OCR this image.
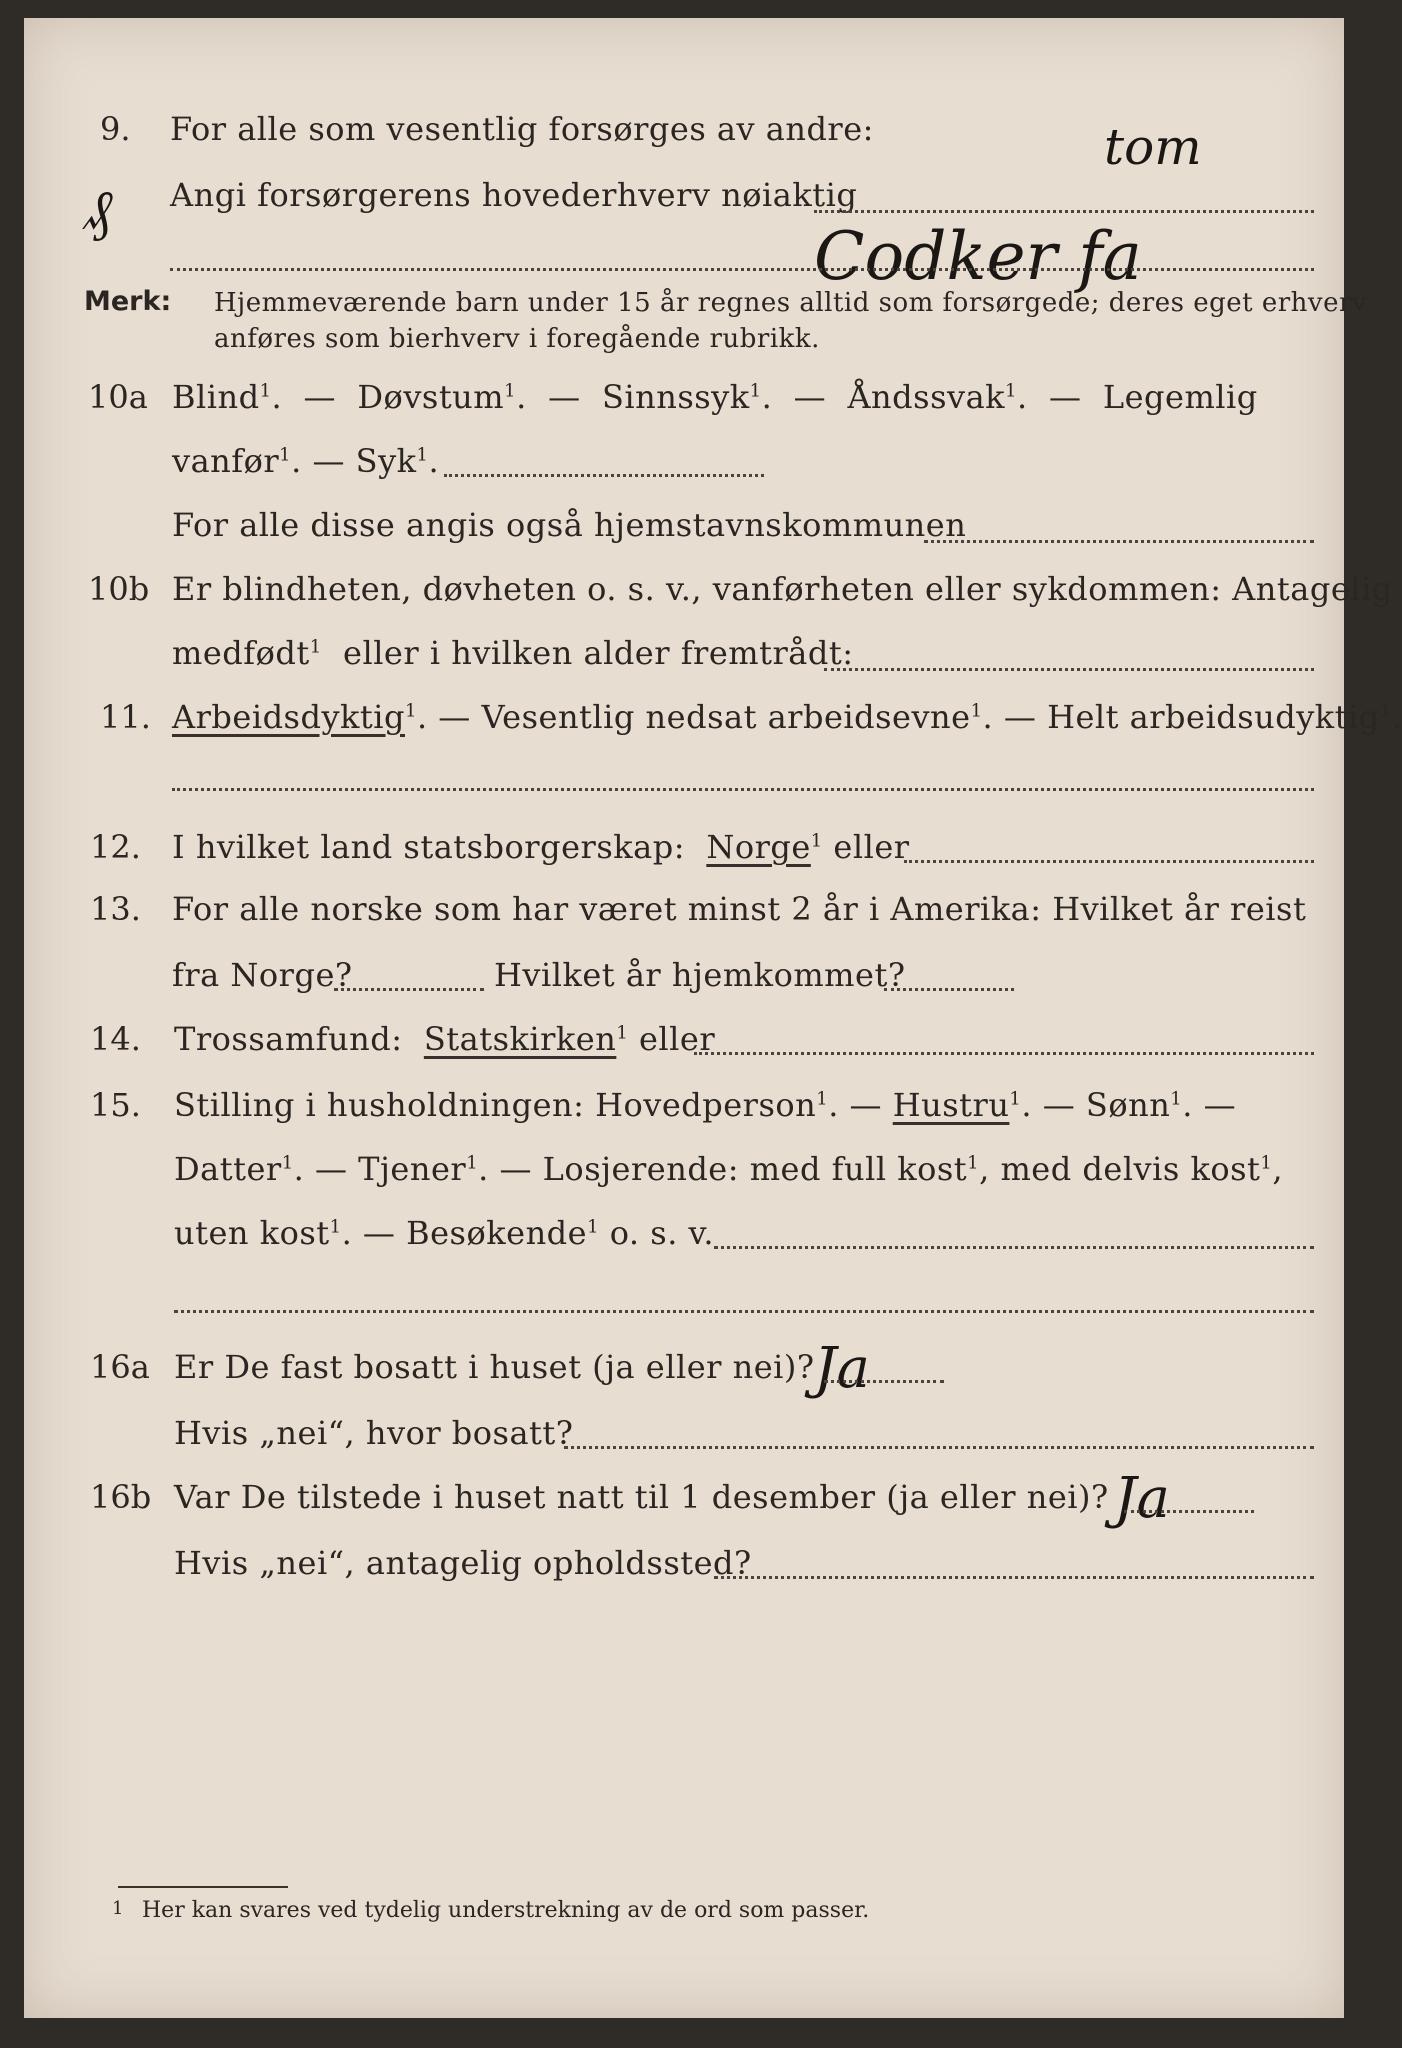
9. For alle som vesentlig forsørges av andre:	tom
₰ Angi forsørgerens hovederhverv nøiaktig
Codker fa
Merk: Hjemmeværende barn under 15 år regnes alltid som forsørgede; deres eget erhverv
anføres som bierhverv i foregående rubrikk.
10a Blind$^1$.  — Døvstum$^1$.  — Sinnssyk$^1$.  — Åndssvak$^1$.  — Legemlig
vanfør$^1$. — Syk$^1$.
For alle disse angis også hjemstavnskommunen
10b Er blindheten, døvheten o. s. v., vanførheten eller sykdommen: Antagelig
medfødt$^1$ eller i hvilken alder fremtrådt:
11. Arbeidsdyktig$^1$. — Vesentlig nedsat arbeidsevne$^1$. — Helt arbeidsudyktig$^1$.
12. I hvilket land statsborgerskap: Norge$^1$ eller
13. For alle norske som har været minst 2 år i Amerika: Hvilket år reist
fra Norge?	Hvilket år hjemkommet?
14. Trossamfund: Statskirken$^1$ eller
15. Stilling i husholdningen: Hovedperson$^1$. — Hustru$^1$. — Sønn$^1$. —
Datter$^1$. — Tjener$^1$. — Losjerende: med full kost$^1$, med delvis kost$^1$,
uten kost$^1$. — Besøkende$^1$ o. s. v.
16a Er De fast bosatt i huset (ja eller nei)? Ja
Hvis „nei“, hvor bosatt?
16b Var De tilstede i huset natt til 1 desember (ja eller nei)? Ja
Hvis „nei“, antagelig opholdssted?
1 Her kan svares ved tydelig understrekning av de ord som passer.
